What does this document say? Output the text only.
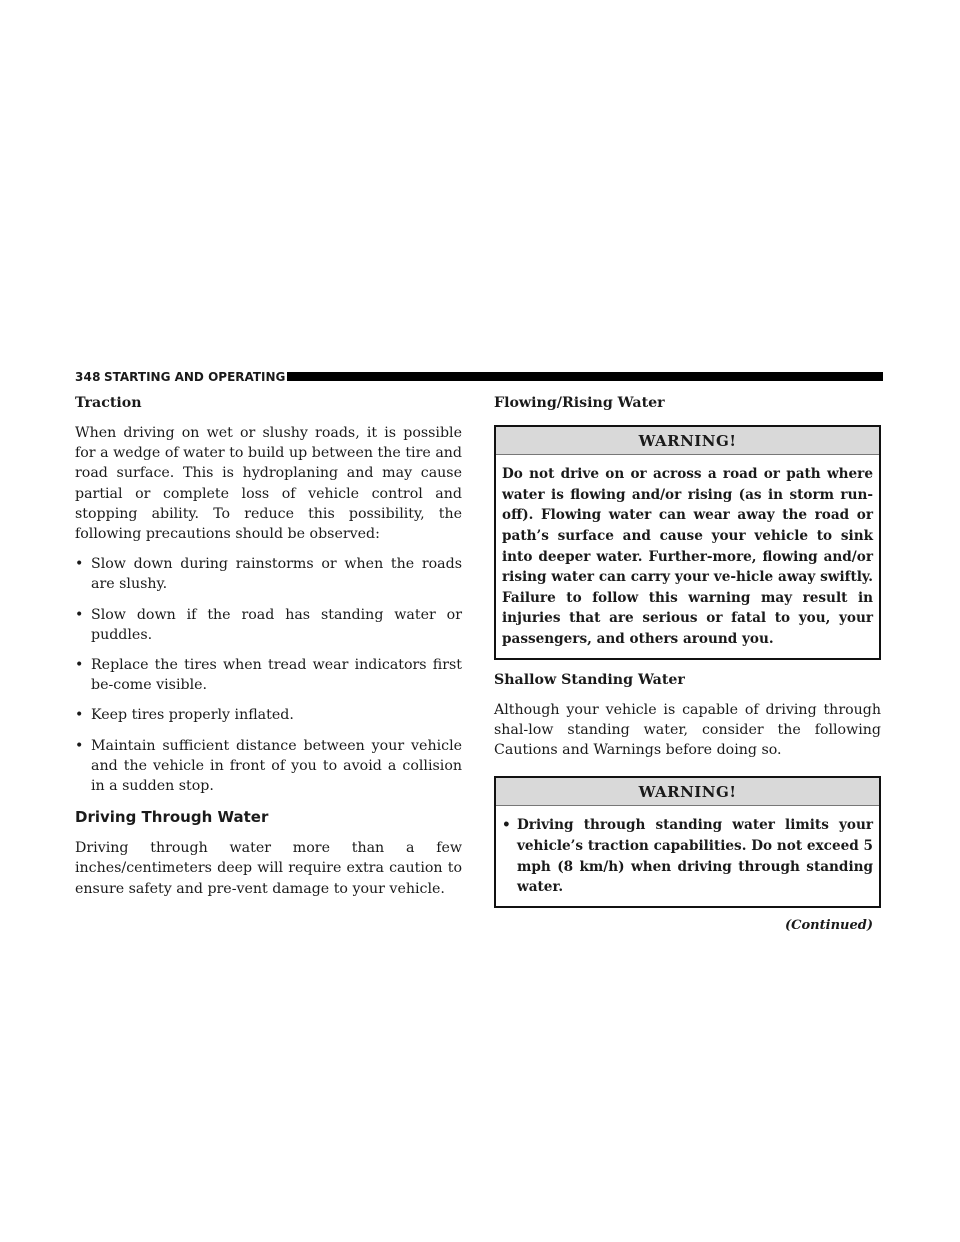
348 STARTING AND OPERATING
Traction

When driving on wet or slushy roads, it is possible for a wedge of water to build up between the tire and road surface. This is hydroplaning and may cause partial or complete loss of vehicle control and stopping ability. To reduce this possibility, the following precautions should be observed:

• Slow down during rainstorms or when the roads are slushy.
• Slow down if the road has standing water or puddles.
• Replace the tires when tread wear indicators first be-come visible.
• Keep tires properly inflated.
• Maintain sufficient distance between your vehicle and the vehicle in front of you to avoid a collision in a sudden stop.
Driving Through Water

Driving through water more than a few inches/centimeters deep will require extra caution to ensure safety and pre-vent damage to your vehicle.

Flowing/Rising Water
WARNING!
Do not drive on or across a road or path where water is flowing and/or rising (as in storm run-off). Flowing water can wear away the road or path’s surface and cause your vehicle to sink into deeper water. Further-more, flowing and/or rising water can carry your ve-hicle away swiftly. Failure to follow this warning may result in injuries that are serious or fatal to you, your passengers, and others around you.
Shallow Standing Water

Although your vehicle is capable of driving through shal-low standing water, consider the following Cautions and Warnings before doing so.

WARNING!
• Driving through standing water limits your vehicle’s traction capabilities. Do not exceed 5 mph (8 km/h) when driving through standing water.
(Continued)
